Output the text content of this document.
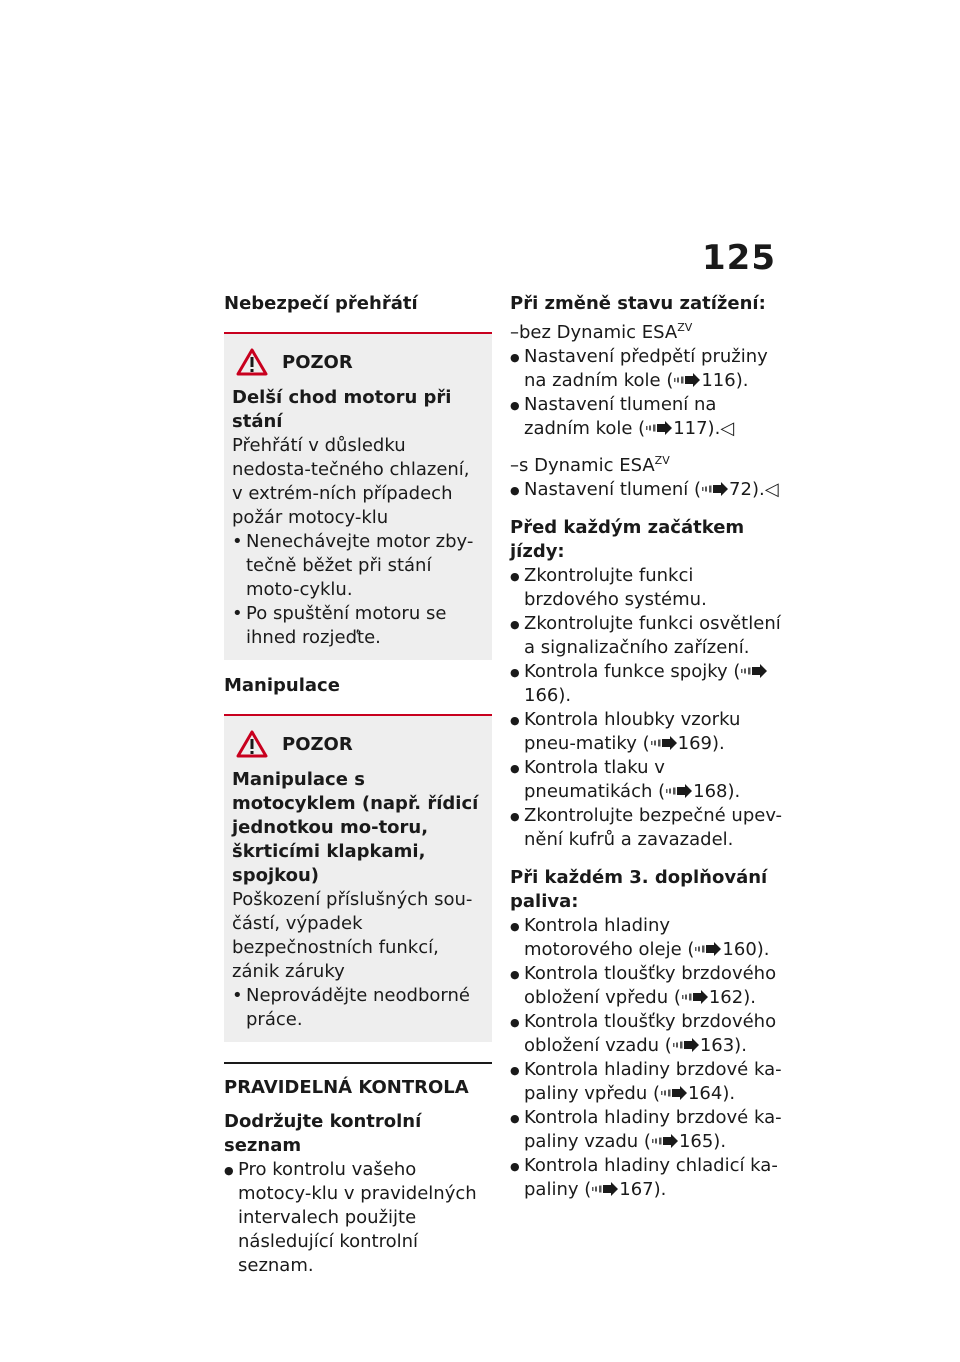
125

Nebezpečí přehřátí

POZOR

Delší chod motoru při stání

Přehřátí v důsledku nedosta-tečného chlazení, v extrém-ních případech požár motocy-klu

• Nenechávejte motor zby-tečně běžet při stání moto-cyklu.
• Po spuštění motoru se ihned rozjeďte.

Manipulace

POZOR

Manipulace s motocyklem (např. řídicí jednotkou mo-toru, škrticími klapkami, spojkou)

Poškození příslušných sou-částí, výpadek bezpečnostních funkcí, zánik záruky

• Neprovádějte neodborné práce.

PRAVIDELNÁ KONTROLA

Dodržujte kontrolní seznam

● Pro kontrolu vašeho motocy-klu v pravidelných intervalech použijte následující kontrolní seznam.

Při změně stavu zatížení:

–bez Dynamic $ESA^{ZV}$

● Nastavení předpětí pružiny na zadním kole ( 116).
● Nastavení tlumení na zadním kole ( 117).◁

–s Dynamic $ESA^{ZV}$

● Nastavení tlumení ( 72).◁

Před každým začátkem jízdy:

● Zkontrolujte funkci brzdového systému.
● Zkontrolujte funkci osvětlení a signalizačního zařízení.
● Kontrola funkce spojky (166).
● Kontrola hloubky vzorku pneu-matiky ( 169).
● Kontrola tlaku v pneumatikách ( 168).
● Zkontrolujte bezpečné upev-nění kufrů a zavazadel.

Při každém 3. doplňování paliva:

● Kontrola hladiny motorového oleje ( 160).
● Kontrola tloušťky brzdového obložení vpředu ( 162).
● Kontrola tloušťky brzdového obložení vzadu ( 163).
● Kontrola hladiny brzdové ka-paliny vpředu ( 164).
● Kontrola hladiny brzdové ka-paliny vzadu ( 165).
● Kontrola hladiny chladicí ka-paliny ( 167).
